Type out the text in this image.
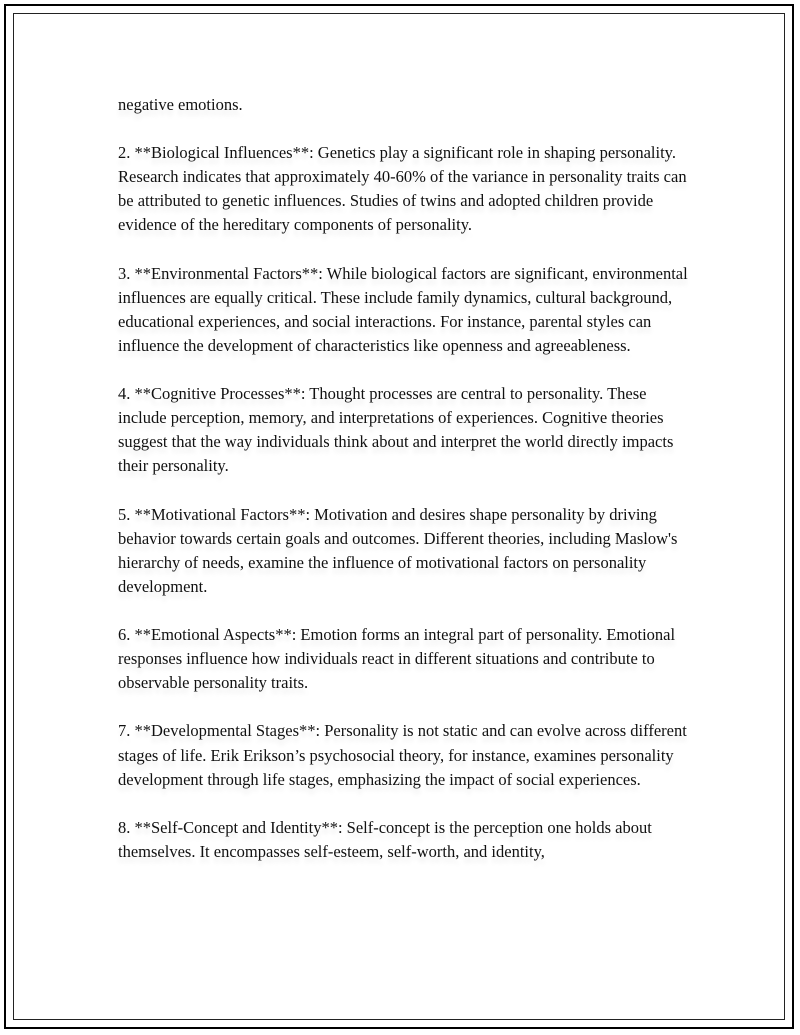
negative emotions.

2. **Biological Influences**: Genetics play a significant role in shaping personality. Research indicates that approximately 40-60% of the variance in personality traits can be attributed to genetic influences. Studies of twins and adopted children provide evidence of the hereditary components of personality.

3. **Environmental Factors**: While biological factors are significant, environmental influences are equally critical. These include family dynamics, cultural background, educational experiences, and social interactions. For instance, parental styles can influence the development of characteristics like openness and agreeableness.

4. **Cognitive Processes**: Thought processes are central to personality. These include perception, memory, and interpretations of experiences. Cognitive theories suggest that the way individuals think about and interpret the world directly impacts their personality.

5. **Motivational Factors**: Motivation and desires shape personality by driving behavior towards certain goals and outcomes. Different theories, including Maslow's hierarchy of needs, examine the influence of motivational factors on personality development.

6. **Emotional Aspects**: Emotion forms an integral part of personality. Emotional responses influence how individuals react in different situations and contribute to observable personality traits.

7. **Developmental Stages**: Personality is not static and can evolve across different stages of life. Erik Erikson’s psychosocial theory, for instance, examines personality development through life stages, emphasizing the impact of social experiences.

8. **Self-Concept and Identity**: Self-concept is the perception one holds about themselves. It encompasses self-esteem, self-worth, and identity,
